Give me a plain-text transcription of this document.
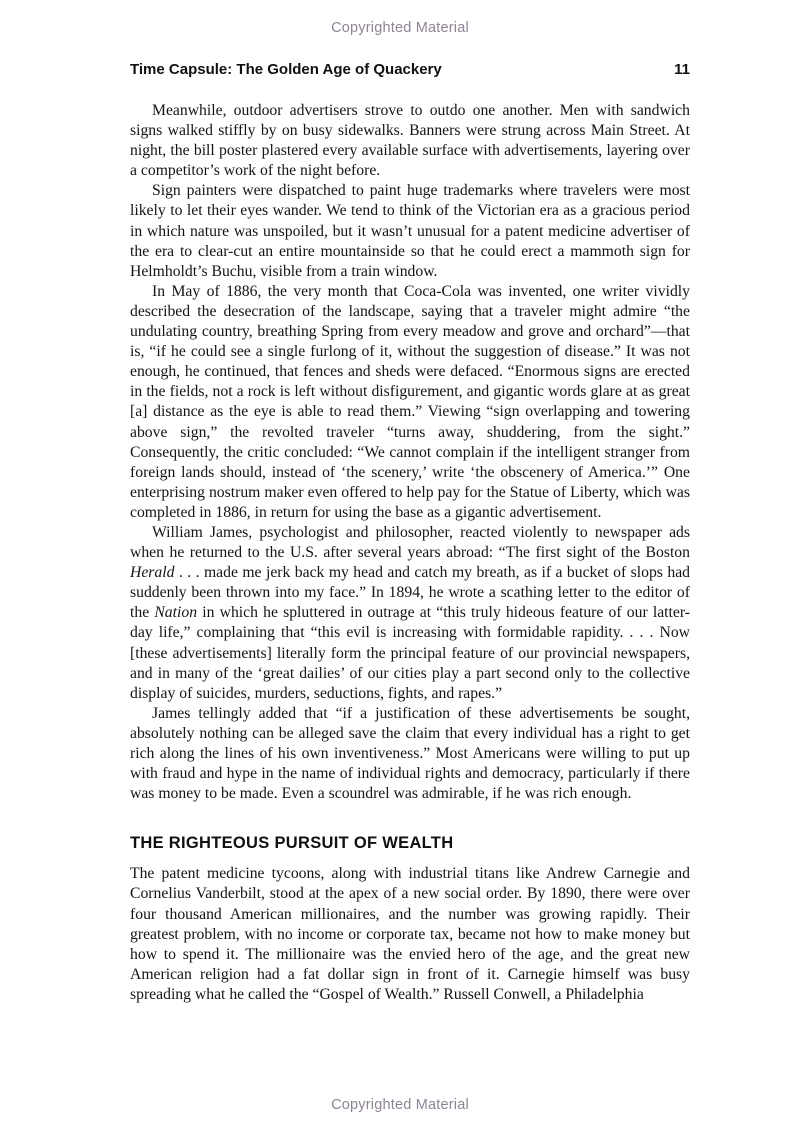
Copyrighted Material
Time Capsule: The Golden Age of Quackery	11

Meanwhile, outdoor advertisers strove to outdo one another. Men with sandwich signs walked stiffly by on busy sidewalks. Banners were strung across Main Street. At night, the bill poster plastered every available surface with advertisements, layering over a competitor’s work of the night before.

Sign painters were dispatched to paint huge trademarks where travelers were most likely to let their eyes wander. We tend to think of the Victorian era as a gracious period in which nature was unspoiled, but it wasn’t unusual for a patent medicine advertiser of the era to clear-cut an entire mountainside so that he could erect a mammoth sign for Helmholdt’s Buchu, visible from a train window.

In May of 1886, the very month that Coca-Cola was invented, one writer vividly described the desecration of the landscape, saying that a traveler might admire “the undulating country, breathing Spring from every meadow and grove and orchard”—that is, “if he could see a single furlong of it, without the suggestion of disease.” It was not enough, he continued, that fences and sheds were defaced. “Enormous signs are erected in the fields, not a rock is left without disfigurement, and gigantic words glare at as great [a] distance as the eye is able to read them.” Viewing “sign overlapping and towering above sign,” the revolted traveler “turns away, shuddering, from the sight.” Consequently, the critic concluded: “We cannot complain if the intelligent stranger from foreign lands should, instead of ‘the scenery,’ write ‘the obscenery of America.’” One enterprising nostrum maker even offered to help pay for the Statue of Liberty, which was completed in 1886, in return for using the base as a gigantic advertisement.

William James, psychologist and philosopher, reacted violently to newspaper ads when he returned to the U.S. after several years abroad: “The first sight of the Boston Herald . . . made me jerk back my head and catch my breath, as if a bucket of slops had suddenly been thrown into my face.” In 1894, he wrote a scathing letter to the editor of the Nation in which he spluttered in outrage at “this truly hideous feature of our latter-day life,” complaining that “this evil is increasing with formidable rapidity. . . . Now [these advertisements] literally form the principal feature of our provincial newspapers, and in many of the ‘great dailies’ of our cities play a part second only to the collective display of suicides, murders, seductions, fights, and rapes.”

James tellingly added that “if a justification of these advertisements be sought, absolutely nothing can be alleged save the claim that every individual has a right to get rich along the lines of his own inventiveness.” Most Americans were willing to put up with fraud and hype in the name of individual rights and democracy, particularly if there was money to be made. Even a scoundrel was admirable, if he was rich enough.

THE RIGHTEOUS PURSUIT OF WEALTH

The patent medicine tycoons, along with industrial titans like Andrew Carnegie and Cornelius Vanderbilt, stood at the apex of a new social order. By 1890, there were over four thousand American millionaires, and the number was growing rapidly. Their greatest problem, with no income or corporate tax, became not how to make money but how to spend it. The millionaire was the envied hero of the age, and the great new American religion had a fat dollar sign in front of it. Carnegie himself was busy spreading what he called the “Gospel of Wealth.” Russell Conwell, a Philadelphia

Copyrighted Material
